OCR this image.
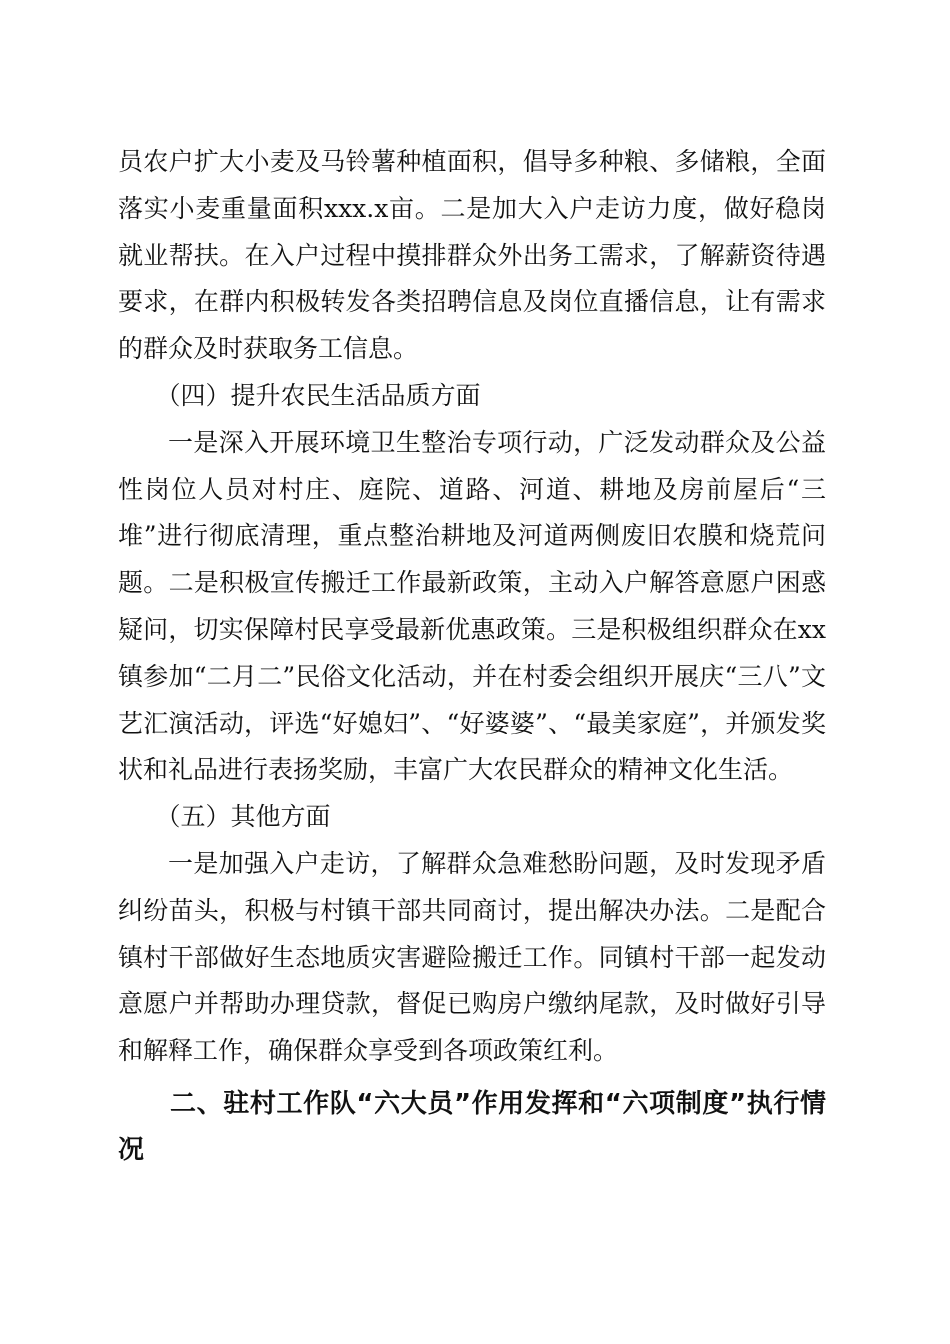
员农户扩大小麦及马铃薯种植面积，倡导多种粮、多储粮，全面落实小麦重量面积xxx.x亩。二是加大入户走访力度，做好稳岗就业帮扶。在入户过程中摸排群众外出务工需求，了解薪资待遇要求，在群内积极转发各类招聘信息及岗位直播信息，让有需求的群众及时获取务工信息。

（四）提升农民生活品质方面

一是深入开展环境卫生整治专项行动，广泛发动群众及公益性岗位人员对村庄、庭院、道路、河道、耕地及房前屋后“三堆”进行彻底清理，重点整治耕地及河道两侧废旧农膜和烧荒问题。二是积极宣传搬迁工作最新政策，主动入户解答意愿户困惑疑问，切实保障村民享受最新优惠政策。三是积极组织群众在xx镇参加“二月二”民俗文化活动，并在村委会组织开展庆“三八”文艺汇演活动，评选“好媳妇”、“好婆婆”、“最美家庭”，并颁发奖状和礼品进行表扬奖励，丰富广大农民群众的精神文化生活。

（五）其他方面

一是加强入户走访，了解群众急难愁盼问题，及时发现矛盾纠纷苗头，积极与村镇干部共同商讨，提出解决办法。二是配合镇村干部做好生态地质灾害避险搬迁工作。同镇村干部一起发动意愿户并帮助办理贷款，督促已购房户缴纳尾款，及时做好引导和解释工作，确保群众享受到各项政策红利。

二、驻村工作队“六大员”作用发挥和“六项制度”执行情况
